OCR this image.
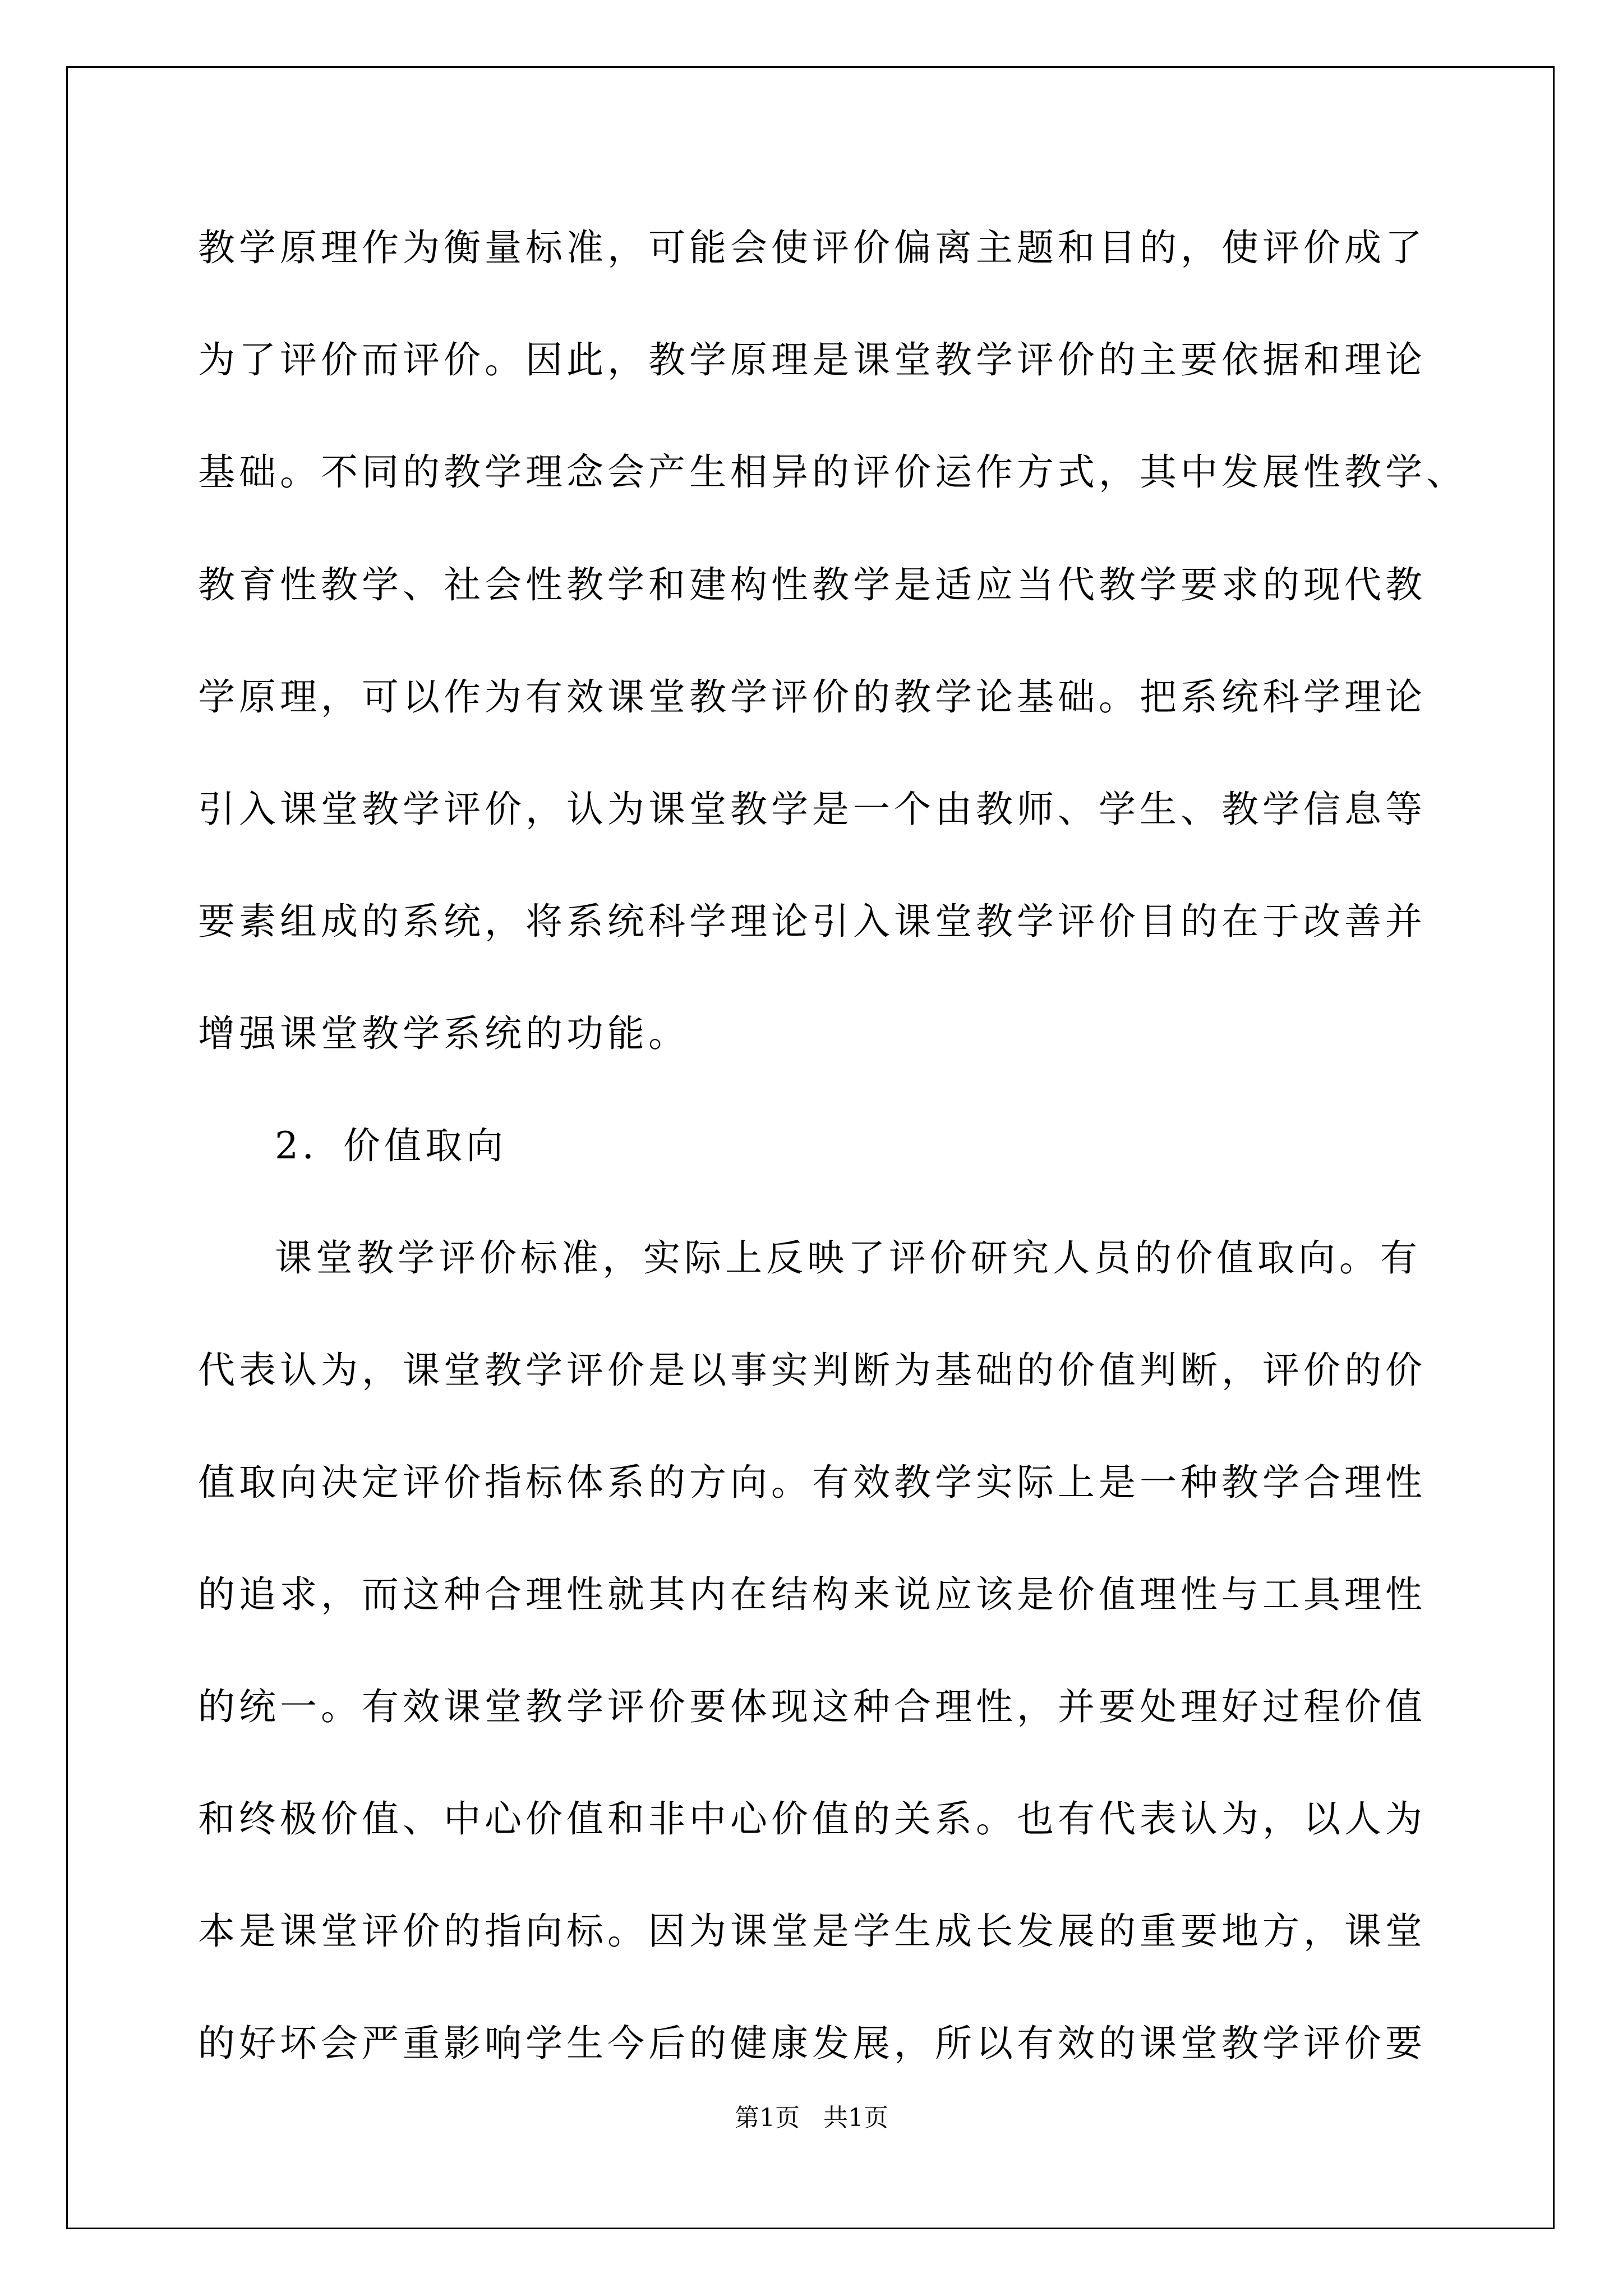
教学原理作为衡量标准，可能会使评价偏离主题和目的，使评价成了
为了评价而评价。因此，教学原理是课堂教学评价的主要依据和理论
基础。不同的教学理念会产生相异的评价运作方式，其中发展性教学、
教育性教学、社会性教学和建构性教学是适应当代教学要求的现代教
学原理，可以作为有效课堂教学评价的教学论基础。把系统科学理论
引入课堂教学评价，认为课堂教学是一个由教师、学生、教学信息等
要素组成的系统，将系统科学理论引入课堂教学评价目的在于改善并
增强课堂教学系统的功能。
2．价值取向
课堂教学评价标准，实际上反映了评价研究人员的价值取向。有
代表认为，课堂教学评价是以事实判断为基础的价值判断，评价的价
值取向决定评价指标体系的方向。有效教学实际上是一种教学合理性
的追求，而这种合理性就其内在结构来说应该是价值理性与工具理性
的统一。有效课堂教学评价要体现这种合理性，并要处理好过程价值
和终极价值、中心价值和非中心价值的关系。也有代表认为，以人为
本是课堂评价的指向标。因为课堂是学生成长发展的重要地方，课堂
的好坏会严重影响学生今后的健康发展，所以有效的课堂教学评价要
第1页   共1页
